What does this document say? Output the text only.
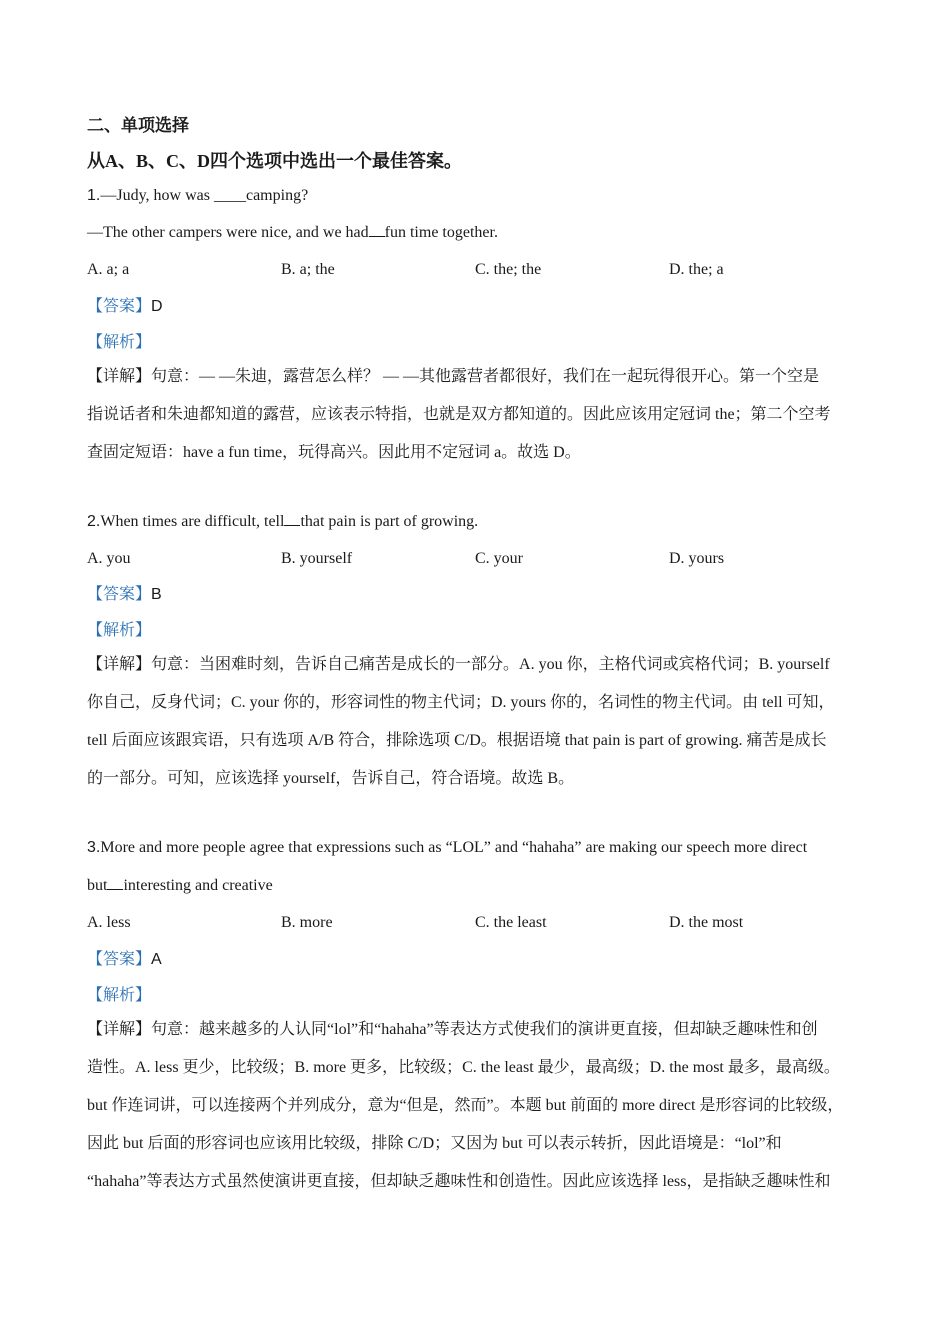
二、单项选择
从A、B、C、D四个选项中选出一个最佳答案。
1.—Judy, how was ____camping?
—The other campers were nice, and we had fun time together.
A. a; a	B. a; the	C. the; the	D. the; a
【答案】D
【解析】
【详解】句意：— —朱迪，露营怎么样？ — —其他露营者都很好，我们在一起玩得很开心。第一个空是
指说话者和朱迪都知道的露营，应该表示特指，也就是双方都知道的。因此应该用定冠词 the；第二个空考
查固定短语：have a fun time，玩得高兴。因此用不定冠词 a。故选 D。
2.When times are difficult, tell that pain is part of growing.
A. you	B. yourself	C. your	D. yours
【答案】B
【解析】
【详解】句意：当困难时刻，告诉自己痛苦是成长的一部分。A. you 你，主格代词或宾格代词；B. yourself
你自己，反身代词；C. your 你的，形容词性的物主代词；D. yours 你的，名词性的物主代词。由 tell 可知，
tell 后面应该跟宾语，只有选项 A/B 符合，排除选项 C/D。根据语境 that pain is part of growing. 痛苦是成长
的一部分。可知，应该选择 yourself，告诉自己，符合语境。故选 B。
3.More and more people agree that expressions such as “LOL” and “hahaha” are making our speech more direct
but interesting and creative
A. less	B. more	C. the least	D. the most
【答案】A
【解析】
【详解】句意：越来越多的人认同“lol”和“hahaha”等表达方式使我们的演讲更直接，但却缺乏趣味性和创
造性。A. less 更少，比较级；B. more 更多，比较级；C. the least 最少，最高级；D. the most 最多，最高级。
but 作连词讲，可以连接两个并列成分，意为“但是，然而”。本题 but 前面的 more direct 是形容词的比较级，
因此 but 后面的形容词也应该用比较级，排除 C/D；又因为 but 可以表示转折，因此语境是：“lol”和
“hahaha”等表达方式虽然使演讲更直接，但却缺乏趣味性和创造性。因此应该选择 less，是指缺乏趣味性和
